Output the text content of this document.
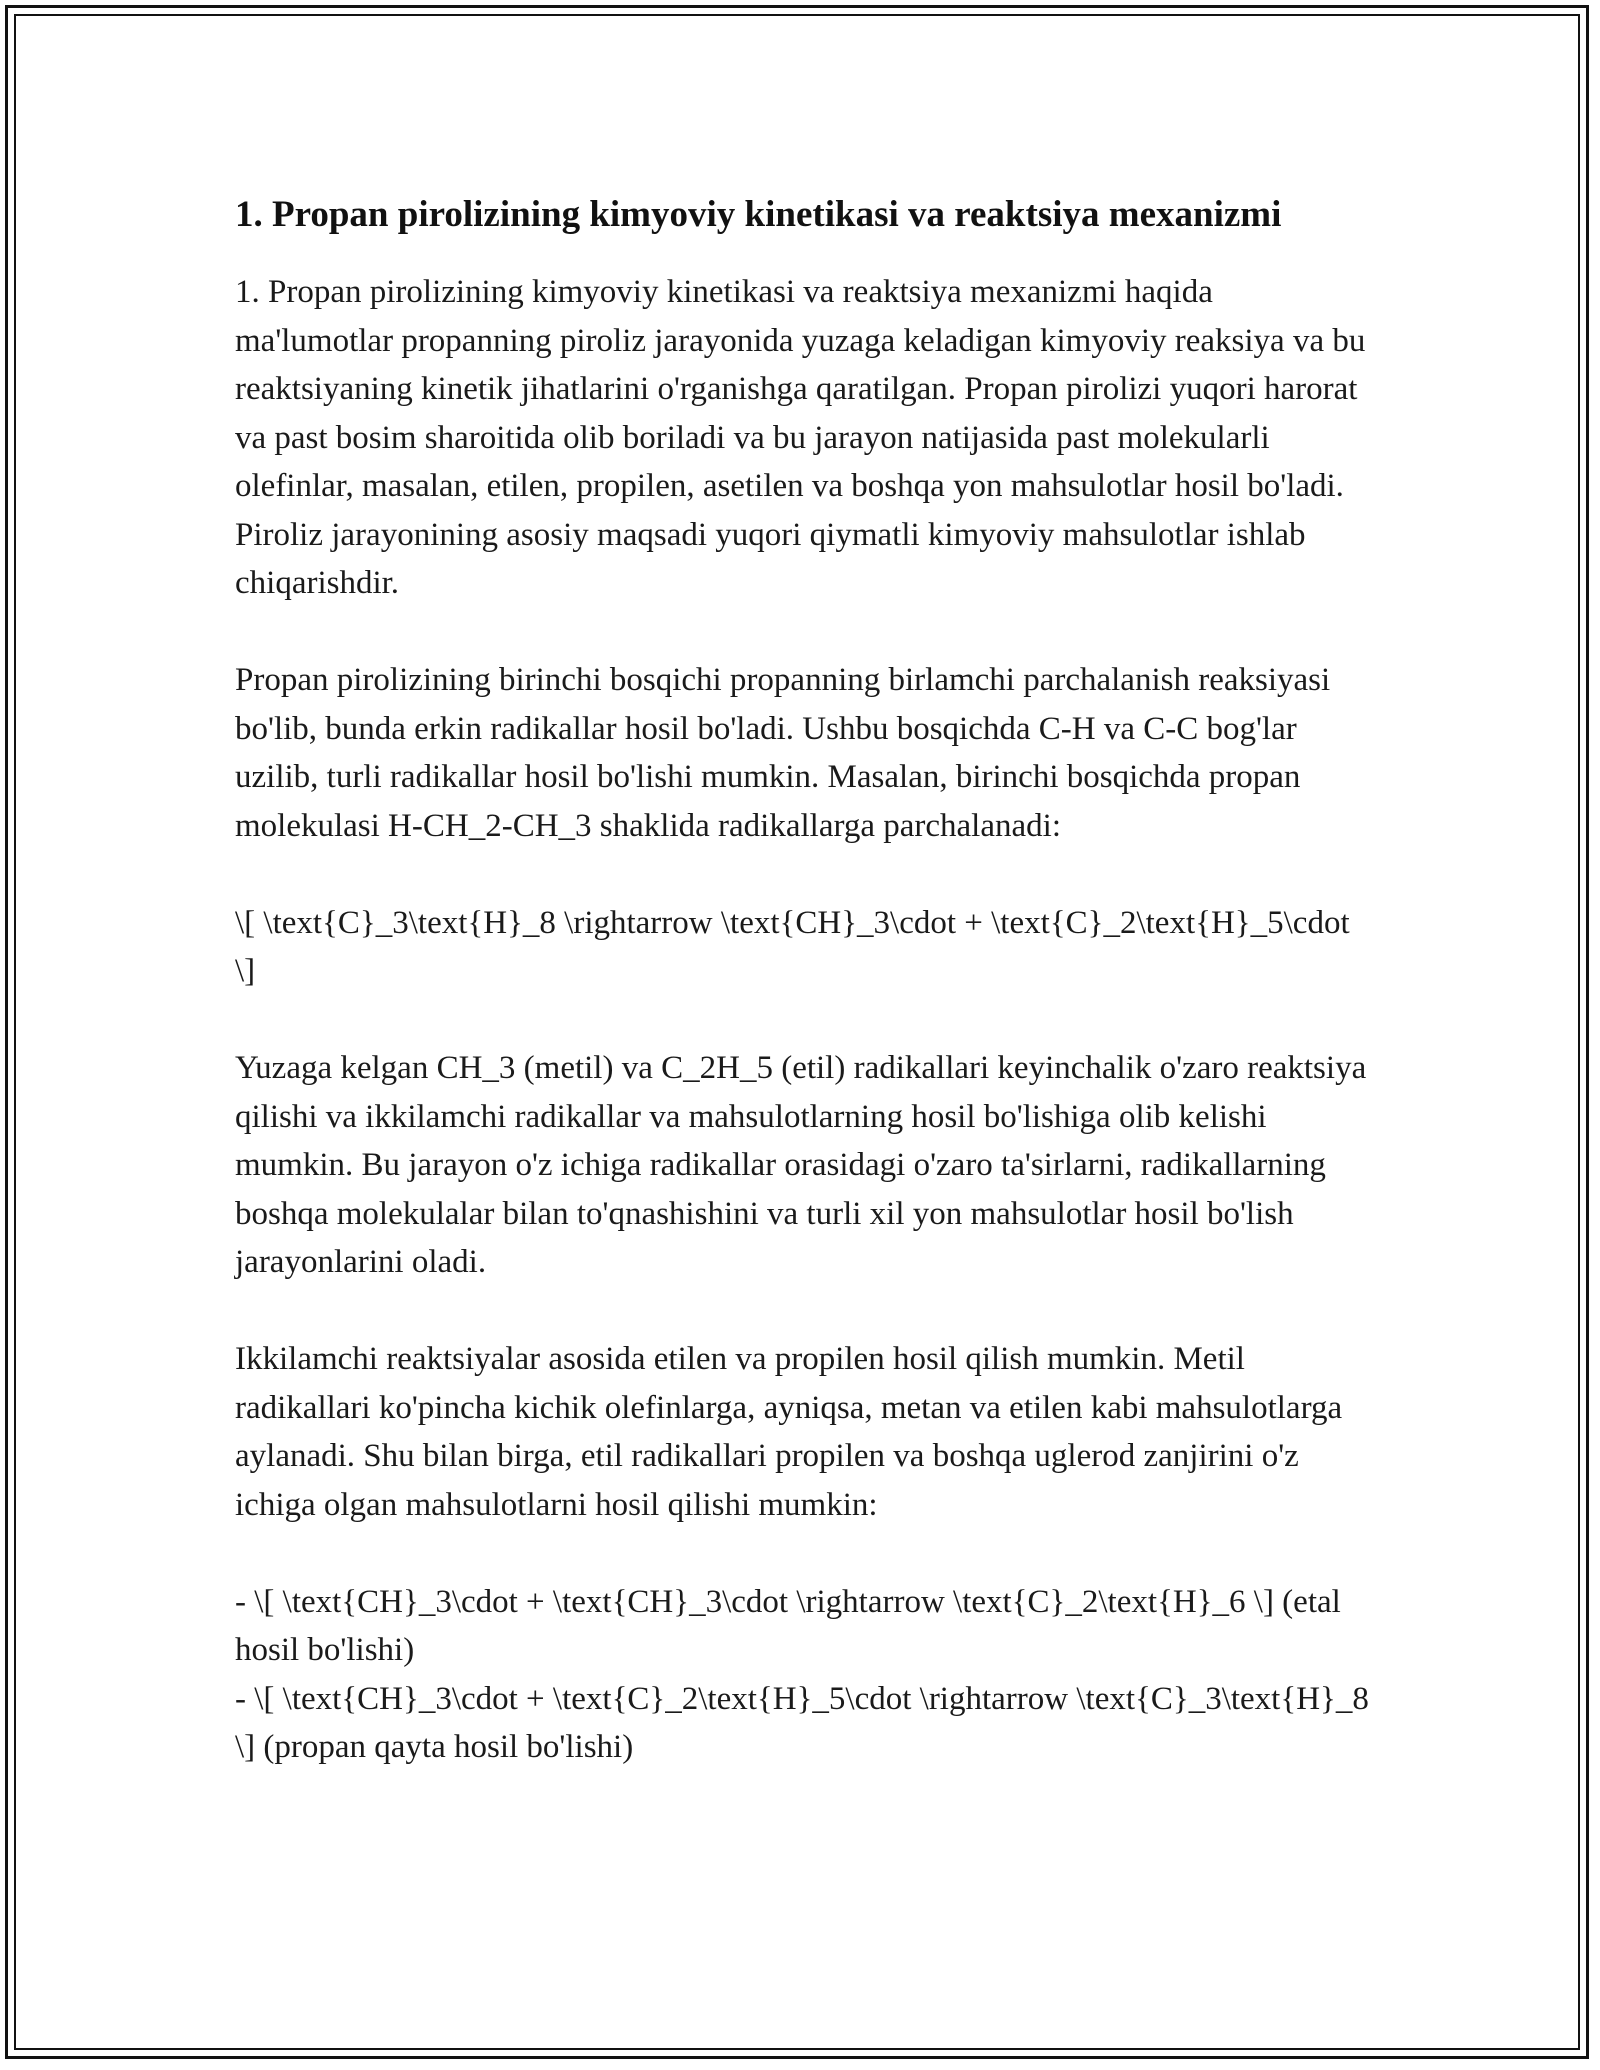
1. Propan pirolizining kimyoviy kinetikasi va reaktsiya mexanizmi
1. Propan pirolizining kimyoviy kinetikasi va reaktsiya mexanizmi haqida ma'lumotlar propanning piroliz jarayonida yuzaga keladigan kimyoviy reaksiya va bu reaktsiyaning kinetik jihatlarini o'rganishga qaratilgan. Propan pirolizi yuqori harorat va past bosim sharoitida olib boriladi va bu jarayon natijasida past molekularli olefinlar, masalan, etilen, propilen, asetilen va boshqa yon mahsulotlar hosil bo'ladi. Piroliz jarayonining asosiy maqsadi yuqori qiymatli kimyoviy mahsulotlar ishlab chiqarishdir.
Propan pirolizining birinchi bosqichi propanning birlamchi parchalanish reaksiyasi bo'lib, bunda erkin radikallar hosil bo'ladi. Ushbu bosqichda C-H va C-C bog'lar uzilib, turli radikallar hosil bo'lishi mumkin. Masalan, birinchi bosqichda propan molekulasi H-CH_2-CH_3 shaklida radikallarga parchalanadi:
\[ \text{C}_3\text{H}_8 \rightarrow \text{CH}_3\cdot + \text{C}_2\text{H}_5\cdot \]
Yuzaga kelgan CH_3 (metil) va C_2H_5 (etil) radikallari keyinchalik o'zaro reaktsiya qilishi va ikkilamchi radikallar va mahsulotlarning hosil bo'lishiga olib kelishi mumkin. Bu jarayon o'z ichiga radikallar orasidagi o'zaro ta'sirlarni, radikallarning boshqa molekulalar bilan to'qnashishini va turli xil yon mahsulotlar hosil bo'lish jarayonlarini oladi.
Ikkilamchi reaktsiyalar asosida etilen va propilen hosil qilish mumkin. Metil radikallari ko'pincha kichik olefinlarga, ayniqsa, metan va etilen kabi mahsulotlarga aylanadi. Shu bilan birga, etil radikallari propilen va boshqa uglerod zanjirini o'z ichiga olgan mahsulotlarni hosil qilishi mumkin:
- \[ \text{CH}_3\cdot + \text{CH}_3\cdot \rightarrow \text{C}_2\text{H}_6 \] (etal hosil bo'lishi)
- \[ \text{CH}_3\cdot + \text{C}_2\text{H}_5\cdot \rightarrow \text{C}_3\text{H}_8 \] (propan qayta hosil bo'lishi)
